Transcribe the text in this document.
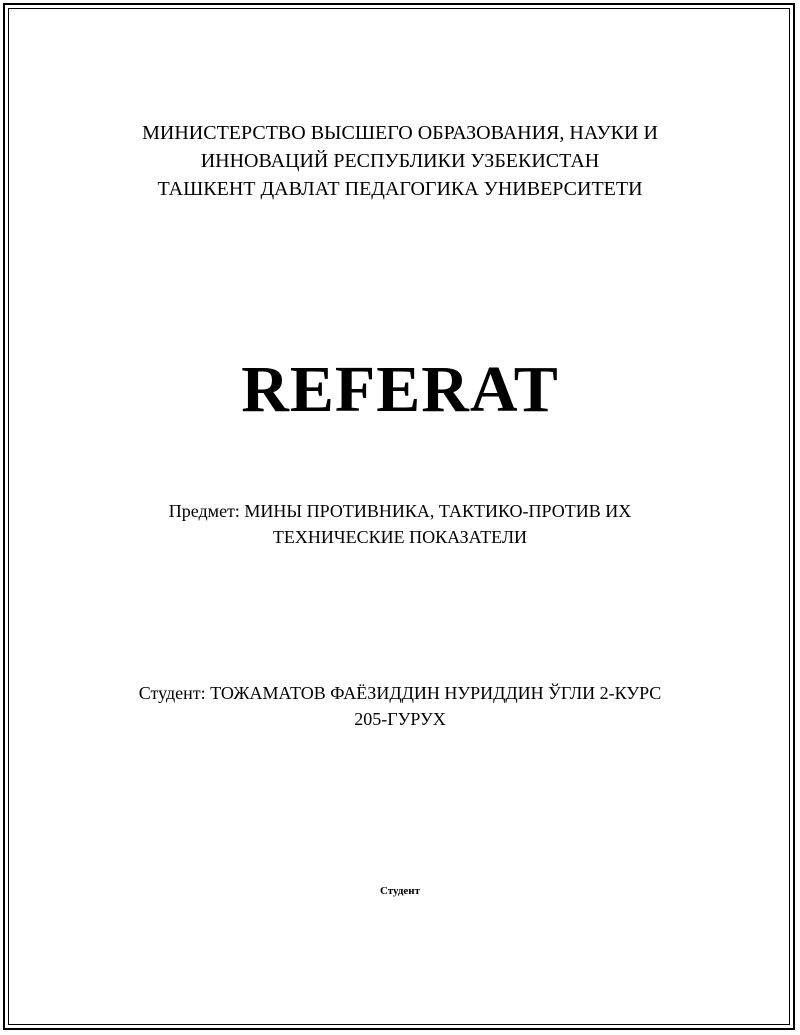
МИНИСТЕРСТВО ВЫСШЕГО ОБРАЗОВАНИЯ, НАУКИ И
ИННОВАЦИЙ РЕСПУБЛИКИ УЗБЕКИСТАН
ТАШКЕНТ ДАВЛАТ ПЕДАГОГИКА УНИВЕРСИТЕТИ
REFERAT
Предмет: МИНЫ ПРОТИВНИКА, ТАКТИКО-ПРОТИВ ИХ
ТЕХНИЧЕСКИЕ ПОКАЗАТЕЛИ
Студент: ТОЖАМАТОВ ФАЁЗИДДИН НУРИДДИН ЎГЛИ 2-КУРС
205-ГУРУХ
Студент
